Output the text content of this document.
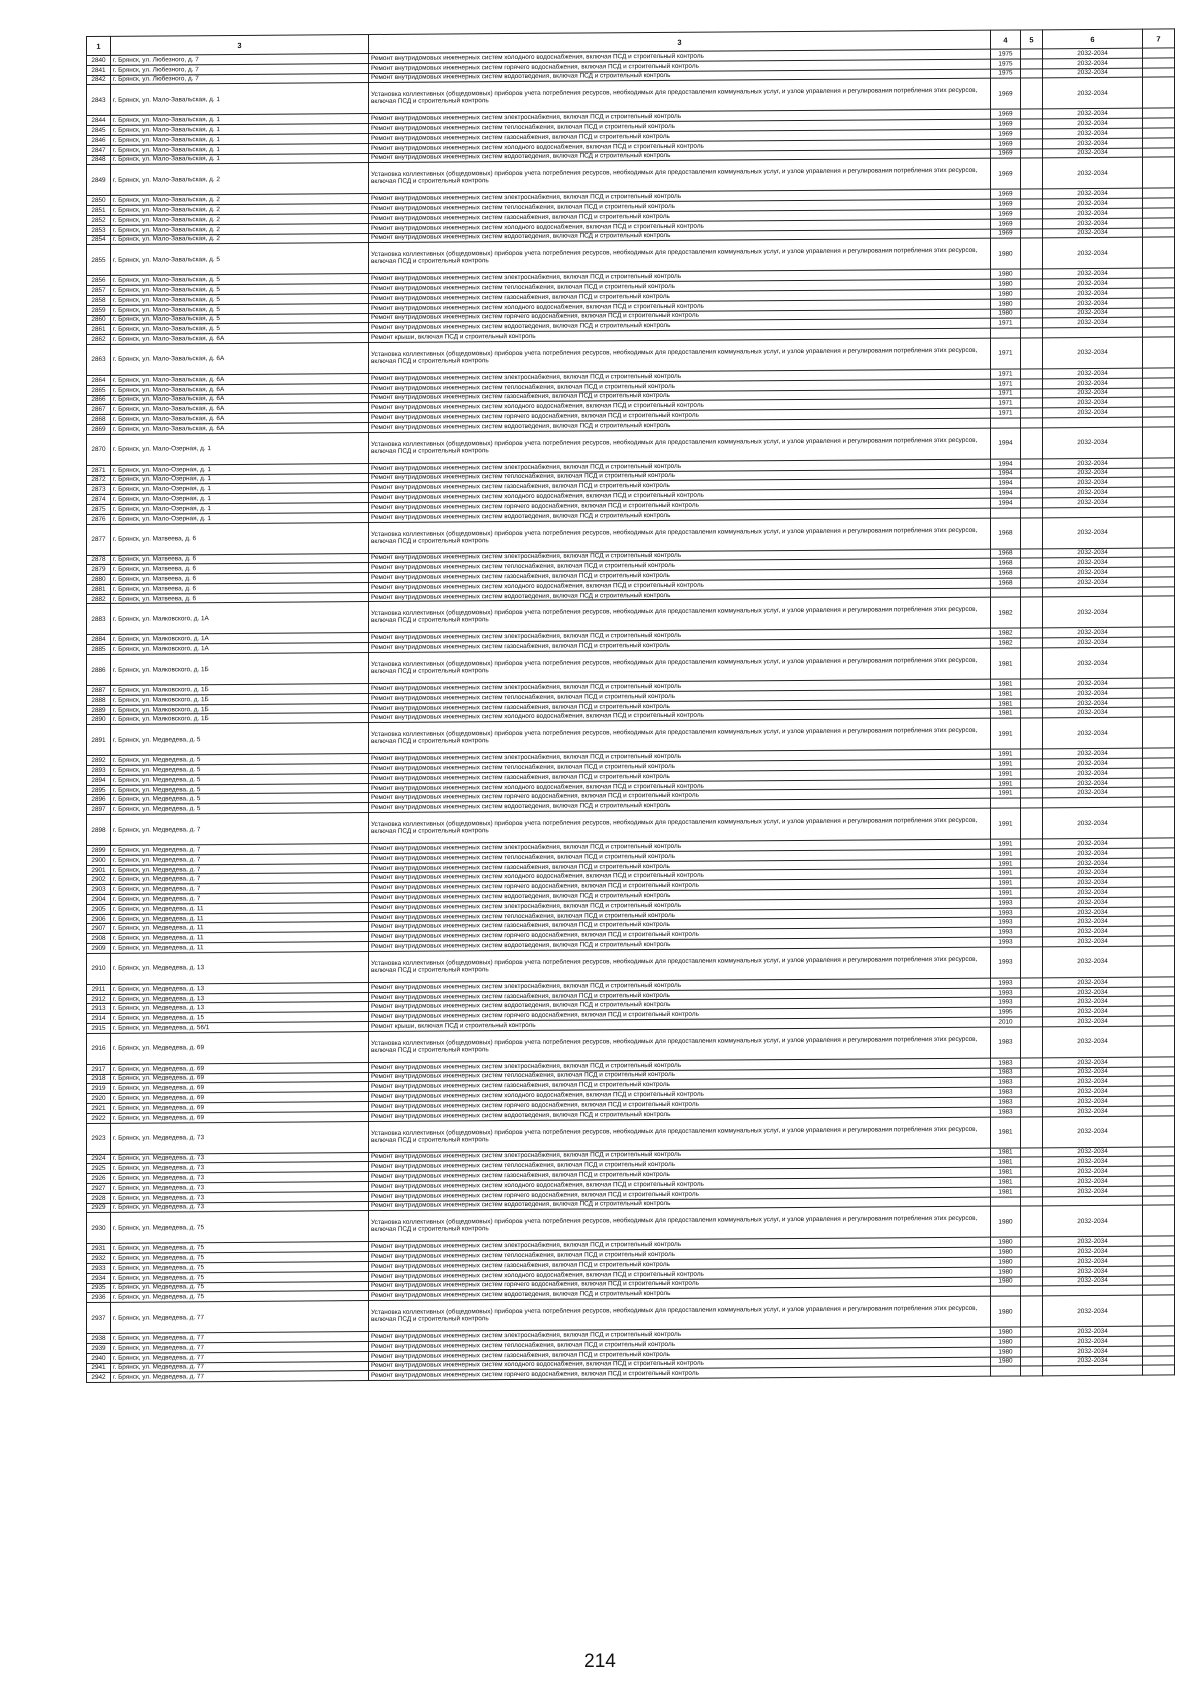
1	3	3	4	5	6	7
2840	г. Брянск, ул. Любезного, д. 7	Ремонт внутридомовых инженерных систем холодного водоснабжения, включая ПСД и строительный контроль	1975		2032-2034	
2841	г. Брянск, ул. Любезного, д. 7	Ремонт внутридомовых инженерных систем горячего водоснабжения, включая ПСД и строительный контроль	1975		2032-2034	
2842	г. Брянск, ул. Любезного, д. 7	Ремонт внутридомовых инженерных систем водоотведения, включая ПСД и строительный контроль	1975		2032-2034	
2843	г. Брянск, ул. Мало-Завальская, д. 1	Установка коллективных (общедомовых) приборов учета потребления ресурсов, необходимых для предоставления коммунальных услуг, и узлов управления и регулирования потребления этих ресурсов, включая ПСД и строительный контроль	1969		2032-2034	
2844	г. Брянск, ул. Мало-Завальская, д. 1	Ремонт внутридомовых инженерных систем электроснабжения, включая ПСД и строительный контроль	1969		2032-2034	
2845	г. Брянск, ул. Мало-Завальская, д. 1	Ремонт внутридомовых инженерных систем теплоснабжения, включая ПСД и строительный контроль	1969		2032-2034	
2846	г. Брянск, ул. Мало-Завальская, д. 1	Ремонт внутридомовых инженерных систем газоснабжения, включая ПСД и строительный контроль	1969		2032-2034	
2847	г. Брянск, ул. Мало-Завальская, д. 1	Ремонт внутридомовых инженерных систем холодного водоснабжения, включая ПСД и строительный контроль	1969		2032-2034	
2848	г. Брянск, ул. Мало-Завальская, д. 1	Ремонт внутридомовых инженерных систем водоотведения, включая ПСД и строительный контроль	1969		2032-2034	
2849	г. Брянск, ул. Мало-Завальская, д. 2	Установка коллективных (общедомовых) приборов учета потребления ресурсов, необходимых для предоставления коммунальных услуг, и узлов управления и регулирования потребления этих ресурсов, включая ПСД и строительный контроль	1969		2032-2034	
2850	г. Брянск, ул. Мало-Завальская, д. 2	Ремонт внутридомовых инженерных систем электроснабжения, включая ПСД и строительный контроль	1969		2032-2034	
2851	г. Брянск, ул. Мало-Завальская, д. 2	Ремонт внутридомовых инженерных систем теплоснабжения, включая ПСД и строительный контроль	1969		2032-2034	
2852	г. Брянск, ул. Мало-Завальская, д. 2	Ремонт внутридомовых инженерных систем газоснабжения, включая ПСД и строительный контроль	1969		2032-2034	
2853	г. Брянск, ул. Мало-Завальская, д. 2	Ремонт внутридомовых инженерных систем холодного водоснабжения, включая ПСД и строительный контроль	1969		2032-2034	
2854	г. Брянск, ул. Мало-Завальская, д. 2	Ремонт внутридомовых инженерных систем водоотведения, включая ПСД и строительный контроль	1969		2032-2034	
2855	г. Брянск, ул. Мало-Завальская, д. 5	Установка коллективных (общедомовых) приборов учета потребления ресурсов, необходимых для предоставления коммунальных услуг, и узлов управления и регулирования потребления этих ресурсов, включая ПСД и строительный контроль	1980		2032-2034	
2856	г. Брянск, ул. Мало-Завальская, д. 5	Ремонт внутридомовых инженерных систем электроснабжения, включая ПСД и строительный контроль	1980		2032-2034	
2857	г. Брянск, ул. Мало-Завальская, д. 5	Ремонт внутридомовых инженерных систем теплоснабжения, включая ПСД и строительный контроль	1980		2032-2034	
2858	г. Брянск, ул. Мало-Завальская, д. 5	Ремонт внутридомовых инженерных систем газоснабжения, включая ПСД и строительный контроль	1980		2032-2034	
2859	г. Брянск, ул. Мало-Завальская, д. 5	Ремонт внутридомовых инженерных систем холодного водоснабжения, включая ПСД и строительный контроль	1980		2032-2034	
2860	г. Брянск, ул. Мало-Завальская, д. 5	Ремонт внутридомовых инженерных систем горячего водоснабжения, включая ПСД и строительный контроль	1980		2032-2034	
2861	г. Брянск, ул. Мало-Завальская, д. 5	Ремонт внутридомовых инженерных систем водоотведения, включая ПСД и строительный контроль	1971		2032-2034	
2862	г. Брянск, ул. Мало-Завальская, д. 6А	Ремонт крыши, включая ПСД и строительный контроль				
2863	г. Брянск, ул. Мало-Завальская, д. 6А	Установка коллективных (общедомовых) приборов учета потребления ресурсов, необходимых для предоставления коммунальных услуг, и узлов управления и регулирования потребления этих ресурсов, включая ПСД и строительный контроль	1971		2032-2034	
2864	г. Брянск, ул. Мало-Завальская, д. 6А	Ремонт внутридомовых инженерных систем электроснабжения, включая ПСД и строительный контроль	1971		2032-2034	
2865	г. Брянск, ул. Мало-Завальская, д. 6А	Ремонт внутридомовых инженерных систем теплоснабжения, включая ПСД и строительный контроль	1971		2032-2034	
2866	г. Брянск, ул. Мало-Завальская, д. 6А	Ремонт внутридомовых инженерных систем газоснабжения, включая ПСД и строительный контроль	1971		2032-2034	
2867	г. Брянск, ул. Мало-Завальская, д. 6А	Ремонт внутридомовых инженерных систем холодного водоснабжения, включая ПСД и строительный контроль	1971		2032-2034	
2868	г. Брянск, ул. Мало-Завальская, д. 6А	Ремонт внутридомовых инженерных систем горячего водоснабжения, включая ПСД и строительный контроль	1971		2032-2034	
2869	г. Брянск, ул. Мало-Завальская, д. 6А	Ремонт внутридомовых инженерных систем водоотведения, включая ПСД и строительный контроль				
2870	г. Брянск, ул. Мало-Озерная, д. 1	Установка коллективных (общедомовых) приборов учета потребления ресурсов, необходимых для предоставления коммунальных услуг, и узлов управления и регулирования потребления этих ресурсов, включая ПСД и строительный контроль	1994		2032-2034	
2871	г. Брянск, ул. Мало-Озерная, д. 1	Ремонт внутридомовых инженерных систем электроснабжения, включая ПСД и строительный контроль	1994		2032-2034	
2872	г. Брянск, ул. Мало-Озерная, д. 1	Ремонт внутридомовых инженерных систем теплоснабжения, включая ПСД и строительный контроль	1994		2032-2034	
2873	г. Брянск, ул. Мало-Озерная, д. 1	Ремонт внутридомовых инженерных систем газоснабжения, включая ПСД и строительный контроль	1994		2032-2034	
2874	г. Брянск, ул. Мало-Озерная, д. 1	Ремонт внутридомовых инженерных систем холодного водоснабжения, включая ПСД и строительный контроль	1994		2032-2034	
2875	г. Брянск, ул. Мало-Озерная, д. 1	Ремонт внутридомовых инженерных систем горячего водоснабжения, включая ПСД и строительный контроль	1994		2032-2034	
2876	г. Брянск, ул. Мало-Озерная, д. 1	Ремонт внутридомовых инженерных систем водоотведения, включая ПСД и строительный контроль				
2877	г. Брянск, ул. Матвеева, д. 6	Установка коллективных (общедомовых) приборов учета потребления ресурсов, необходимых для предоставления коммунальных услуг, и узлов управления и регулирования потребления этих ресурсов, включая ПСД и строительный контроль	1968		2032-2034	
2878	г. Брянск, ул. Матвеева, д. 6	Ремонт внутридомовых инженерных систем электроснабжения, включая ПСД и строительный контроль	1968		2032-2034	
2879	г. Брянск, ул. Матвеева, д. 6	Ремонт внутридомовых инженерных систем теплоснабжения, включая ПСД и строительный контроль	1968		2032-2034	
2880	г. Брянск, ул. Матвеева, д. 6	Ремонт внутридомовых инженерных систем газоснабжения, включая ПСД и строительный контроль	1968		2032-2034	
2881	г. Брянск, ул. Матвеева, д. 6	Ремонт внутридомовых инженерных систем холодного водоснабжения, включая ПСД и строительный контроль	1968		2032-2034	
2882	г. Брянск, ул. Матвеева, д. 6	Ремонт внутридомовых инженерных систем водоотведения, включая ПСД и строительный контроль				
2883	г. Брянск, ул. Маяковского, д. 1А	Установка коллективных (общедомовых) приборов учета потребления ресурсов, необходимых для предоставления коммунальных услуг, и узлов управления и регулирования потребления этих ресурсов, включая ПСД и строительный контроль	1982		2032-2034	
2884	г. Брянск, ул. Маяковского, д. 1А	Ремонт внутридомовых инженерных систем электроснабжения, включая ПСД и строительный контроль	1982		2032-2034	
2885	г. Брянск, ул. Маяковского, д. 1А	Ремонт внутридомовых инженерных систем газоснабжения, включая ПСД и строительный контроль	1982		2032-2034	
2886	г. Брянск, ул. Маяковского, д. 1Б	Установка коллективных (общедомовых) приборов учета потребления ресурсов, необходимых для предоставления коммунальных услуг, и узлов управления и регулирования потребления этих ресурсов, включая ПСД и строительный контроль	1981		2032-2034	
2887	г. Брянск, ул. Маяковского, д. 1Б	Ремонт внутридомовых инженерных систем электроснабжения, включая ПСД и строительный контроль	1981		2032-2034	
2888	г. Брянск, ул. Маяковского, д. 1Б	Ремонт внутридомовых инженерных систем теплоснабжения, включая ПСД и строительный контроль	1981		2032-2034	
2889	г. Брянск, ул. Маяковского, д. 1Б	Ремонт внутридомовых инженерных систем газоснабжения, включая ПСД и строительный контроль	1981		2032-2034	
2890	г. Брянск, ул. Маяковского, д. 1Б	Ремонт внутридомовых инженерных систем холодного водоснабжения, включая ПСД и строительный контроль	1981		2032-2034	
2891	г. Брянск, ул. Медведева, д. 5	Установка коллективных (общедомовых) приборов учета потребления ресурсов, необходимых для предоставления коммунальных услуг, и узлов управления и регулирования потребления этих ресурсов, включая ПСД и строительный контроль	1991		2032-2034	
2892	г. Брянск, ул. Медведева, д. 5	Ремонт внутридомовых инженерных систем электроснабжения, включая ПСД и строительный контроль	1991		2032-2034	
2893	г. Брянск, ул. Медведева, д. 5	Ремонт внутридомовых инженерных систем теплоснабжения, включая ПСД и строительный контроль	1991		2032-2034	
2894	г. Брянск, ул. Медведева, д. 5	Ремонт внутридомовых инженерных систем газоснабжения, включая ПСД и строительный контроль	1991		2032-2034	
2895	г. Брянск, ул. Медведева, д. 5	Ремонт внутридомовых инженерных систем холодного водоснабжения, включая ПСД и строительный контроль	1991		2032-2034	
2896	г. Брянск, ул. Медведева, д. 5	Ремонт внутридомовых инженерных систем горячего водоснабжения, включая ПСД и строительный контроль	1991		2032-2034	
2897	г. Брянск, ул. Медведева, д. 5	Ремонт внутридомовых инженерных систем водоотведения, включая ПСД и строительный контроль				
2898	г. Брянск, ул. Медведева, д. 7	Установка коллективных (общедомовых) приборов учета потребления ресурсов, необходимых для предоставления коммунальных услуг, и узлов управления и регулирования потребления этих ресурсов, включая ПСД и строительный контроль	1991		2032-2034	
2899	г. Брянск, ул. Медведева, д. 7	Ремонт внутридомовых инженерных систем электроснабжения, включая ПСД и строительный контроль	1991		2032-2034	
2900	г. Брянск, ул. Медведева, д. 7	Ремонт внутридомовых инженерных систем теплоснабжения, включая ПСД и строительный контроль	1991		2032-2034	
2901	г. Брянск, ул. Медведева, д. 7	Ремонт внутридомовых инженерных систем газоснабжения, включая ПСД и строительный контроль	1991		2032-2034	
2902	г. Брянск, ул. Медведева, д. 7	Ремонт внутридомовых инженерных систем холодного водоснабжения, включая ПСД и строительный контроль	1991		2032-2034	
2903	г. Брянск, ул. Медведева, д. 7	Ремонт внутридомовых инженерных систем горячего водоснабжения, включая ПСД и строительный контроль	1991		2032-2034	
2904	г. Брянск, ул. Медведева, д. 7	Ремонт внутридомовых инженерных систем водоотведения, включая ПСД и строительный контроль	1991		2032-2034	
2905	г. Брянск, ул. Медведева, д. 11	Ремонт внутридомовых инженерных систем электроснабжения, включая ПСД и строительный контроль	1993		2032-2034	
2906	г. Брянск, ул. Медведева, д. 11	Ремонт внутридомовых инженерных систем теплоснабжения, включая ПСД и строительный контроль	1993		2032-2034	
2907	г. Брянск, ул. Медведева, д. 11	Ремонт внутридомовых инженерных систем газоснабжения, включая ПСД и строительный контроль	1993		2032-2034	
2908	г. Брянск, ул. Медведева, д. 11	Ремонт внутридомовых инженерных систем горячего водоснабжения, включая ПСД и строительный контроль	1993		2032-2034	
2909	г. Брянск, ул. Медведева, д. 11	Ремонт внутридомовых инженерных систем водоотведения, включая ПСД и строительный контроль	1993		2032-2034	
2910	г. Брянск, ул. Медведева, д. 13	Установка коллективных (общедомовых) приборов учета потребления ресурсов, необходимых для предоставления коммунальных услуг, и узлов управления и регулирования потребления этих ресурсов, включая ПСД и строительный контроль	1993		2032-2034	
2911	г. Брянск, ул. Медведева, д. 13	Ремонт внутридомовых инженерных систем электроснабжения, включая ПСД и строительный контроль	1993		2032-2034	
2912	г. Брянск, ул. Медведева, д. 13	Ремонт внутридомовых инженерных систем газоснабжения, включая ПСД и строительный контроль	1993		2032-2034	
2913	г. Брянск, ул. Медведева, д. 13	Ремонт внутридомовых инженерных систем водоотведения, включая ПСД и строительный контроль	1993		2032-2034	
2914	г. Брянск, ул. Медведева, д. 15	Ремонт внутридомовых инженерных систем горячего водоснабжения, включая ПСД и строительный контроль	1995		2032-2034	
2915	г. Брянск, ул. Медведева, д. 56/1	Ремонт крыши, включая ПСД и строительный контроль	2010		2032-2034	
2916	г. Брянск, ул. Медведева, д. 69	Установка коллективных (общедомовых) приборов учета потребления ресурсов, необходимых для предоставления коммунальных услуг, и узлов управления и регулирования потребления этих ресурсов, включая ПСД и строительный контроль	1983		2032-2034	
2917	г. Брянск, ул. Медведева, д. 69	Ремонт внутридомовых инженерных систем электроснабжения, включая ПСД и строительный контроль	1983		2032-2034	
2918	г. Брянск, ул. Медведева, д. 69	Ремонт внутридомовых инженерных систем теплоснабжения, включая ПСД и строительный контроль	1983		2032-2034	
2919	г. Брянск, ул. Медведева, д. 69	Ремонт внутридомовых инженерных систем газоснабжения, включая ПСД и строительный контроль	1983		2032-2034	
2920	г. Брянск, ул. Медведева, д. 69	Ремонт внутридомовых инженерных систем холодного водоснабжения, включая ПСД и строительный контроль	1983		2032-2034	
2921	г. Брянск, ул. Медведева, д. 69	Ремонт внутридомовых инженерных систем горячего водоснабжения, включая ПСД и строительный контроль	1983		2032-2034	
2922	г. Брянск, ул. Медведева, д. 69	Ремонт внутридомовых инженерных систем водоотведения, включая ПСД и строительный контроль	1983		2032-2034	
2923	г. Брянск, ул. Медведева, д. 73	Установка коллективных (общедомовых) приборов учета потребления ресурсов, необходимых для предоставления коммунальных услуг, и узлов управления и регулирования потребления этих ресурсов, включая ПСД и строительный контроль	1981		2032-2034	
2924	г. Брянск, ул. Медведева, д. 73	Ремонт внутридомовых инженерных систем электроснабжения, включая ПСД и строительный контроль	1981		2032-2034	
2925	г. Брянск, ул. Медведева, д. 73	Ремонт внутридомовых инженерных систем теплоснабжения, включая ПСД и строительный контроль	1981		2032-2034	
2926	г. Брянск, ул. Медведева, д. 73	Ремонт внутридомовых инженерных систем газоснабжения, включая ПСД и строительный контроль	1981		2032-2034	
2927	г. Брянск, ул. Медведева, д. 73	Ремонт внутридомовых инженерных систем холодного водоснабжения, включая ПСД и строительный контроль	1981		2032-2034	
2928	г. Брянск, ул. Медведева, д. 73	Ремонт внутридомовых инженерных систем горячего водоснабжения, включая ПСД и строительный контроль	1981		2032-2034	
2929	г. Брянск, ул. Медведева, д. 73	Ремонт внутридомовых инженерных систем водоотведения, включая ПСД и строительный контроль				
2930	г. Брянск, ул. Медведева, д. 75	Установка коллективных (общедомовых) приборов учета потребления ресурсов, необходимых для предоставления коммунальных услуг, и узлов управления и регулирования потребления этих ресурсов, включая ПСД и строительный контроль	1980		2032-2034	
2931	г. Брянск, ул. Медведева, д. 75	Ремонт внутридомовых инженерных систем электроснабжения, включая ПСД и строительный контроль	1980		2032-2034	
2932	г. Брянск, ул. Медведева, д. 75	Ремонт внутридомовых инженерных систем теплоснабжения, включая ПСД и строительный контроль	1980		2032-2034	
2933	г. Брянск, ул. Медведева, д. 75	Ремонт внутридомовых инженерных систем газоснабжения, включая ПСД и строительный контроль	1980		2032-2034	
2934	г. Брянск, ул. Медведева, д. 75	Ремонт внутридомовых инженерных систем холодного водоснабжения, включая ПСД и строительный контроль	1980		2032-2034	
2935	г. Брянск, ул. Медведева, д. 75	Ремонт внутридомовых инженерных систем горячего водоснабжения, включая ПСД и строительный контроль	1980		2032-2034	
2936	г. Брянск, ул. Медведева, д. 75	Ремонт внутридомовых инженерных систем водоотведения, включая ПСД и строительный контроль				
2937	г. Брянск, ул. Медведева, д. 77	Установка коллективных (общедомовых) приборов учета потребления ресурсов, необходимых для предоставления коммунальных услуг, и узлов управления и регулирования потребления этих ресурсов, включая ПСД и строительный контроль	1980		2032-2034	
2938	г. Брянск, ул. Медведева, д. 77	Ремонт внутридомовых инженерных систем электроснабжения, включая ПСД и строительный контроль	1980		2032-2034	
2939	г. Брянск, ул. Медведева, д. 77	Ремонт внутридомовых инженерных систем теплоснабжения, включая ПСД и строительный контроль	1980		2032-2034	
2940	г. Брянск, ул. Медведева, д. 77	Ремонт внутридомовых инженерных систем газоснабжения, включая ПСД и строительный контроль	1980		2032-2034	
2941	г. Брянск, ул. Медведева, д. 77	Ремонт внутридомовых инженерных систем холодного водоснабжения, включая ПСД и строительный контроль	1980		2032-2034	
2942	г. Брянск, ул. Медведева, д. 77	Ремонт внутридомовых инженерных систем горячего водоснабжения, включая ПСД и строительный контроль				
214
